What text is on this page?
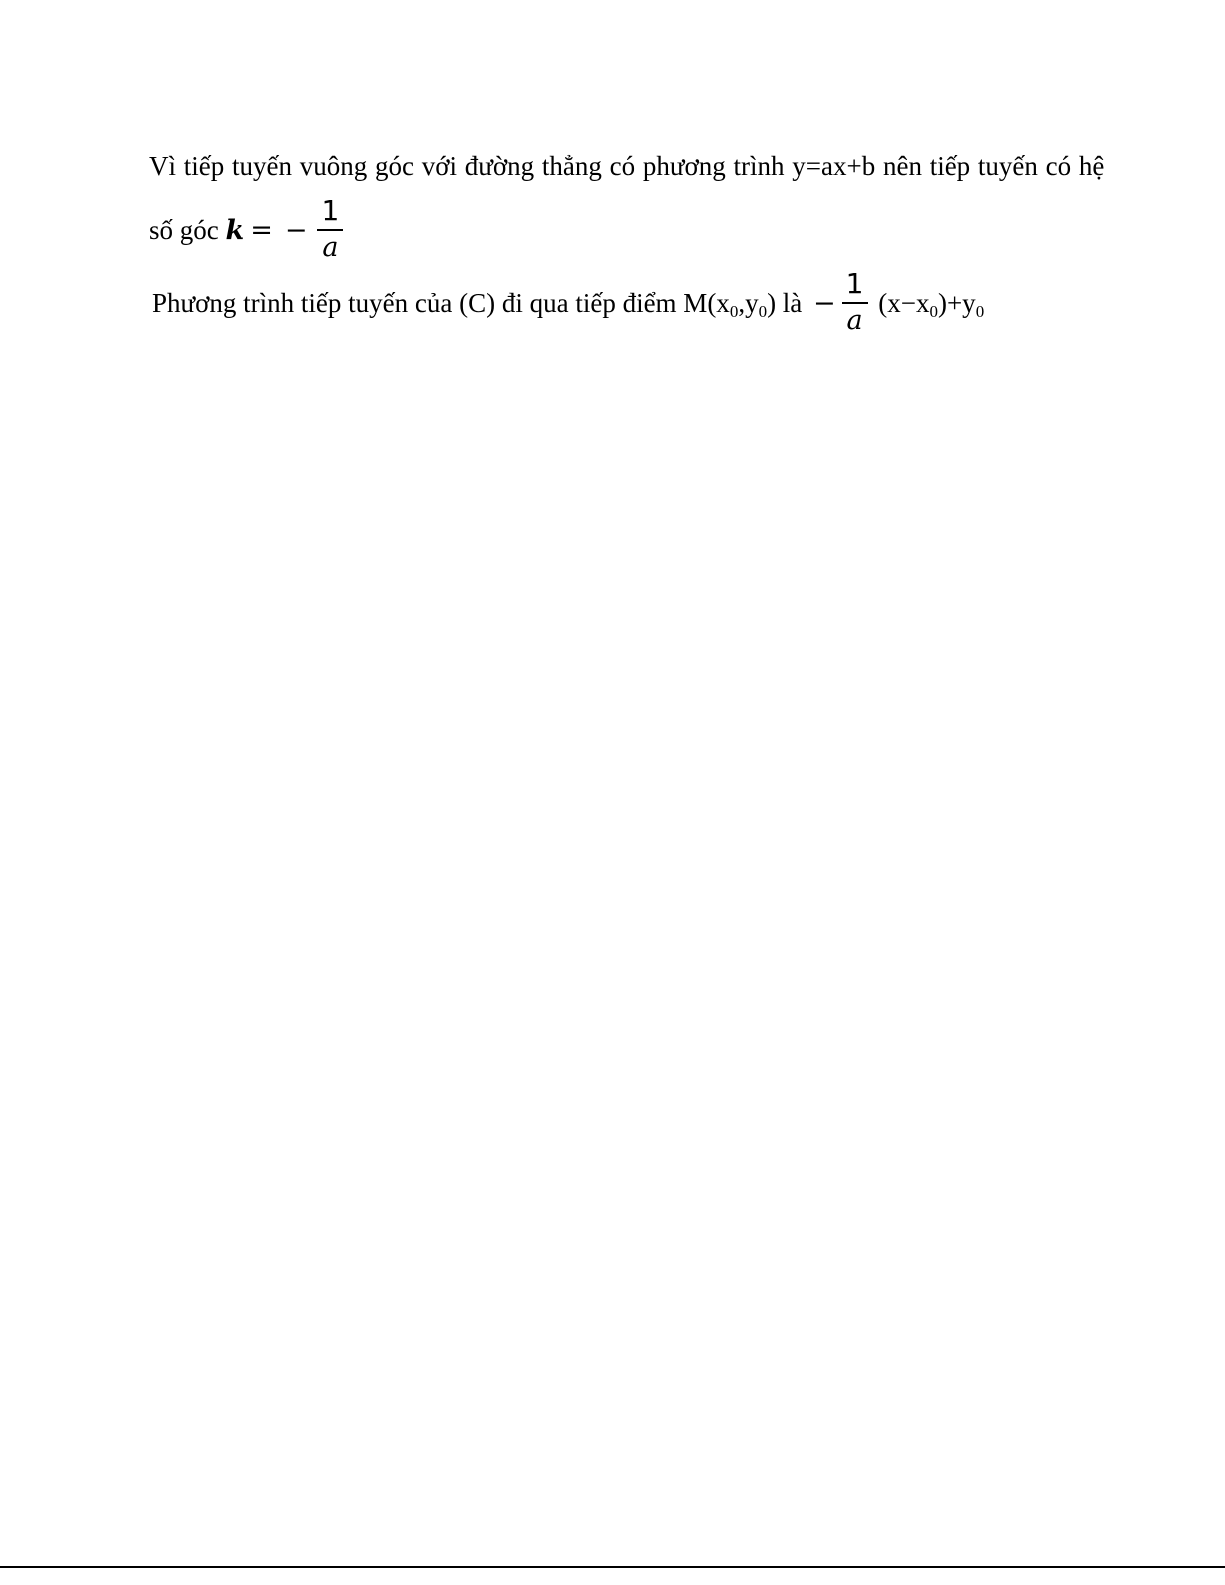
Vì tiếp tuyến vuông góc với đường thẳng có phương trình y=ax+b nên tiếp tuyến có hệ
số góc k = − $\frac{1}{a}$
Phương trình tiếp tuyến của (C) đi qua tiếp điểm $M(x_0,y_0)$ là − $\frac{1}{a} (x-x_0)+y_0$
